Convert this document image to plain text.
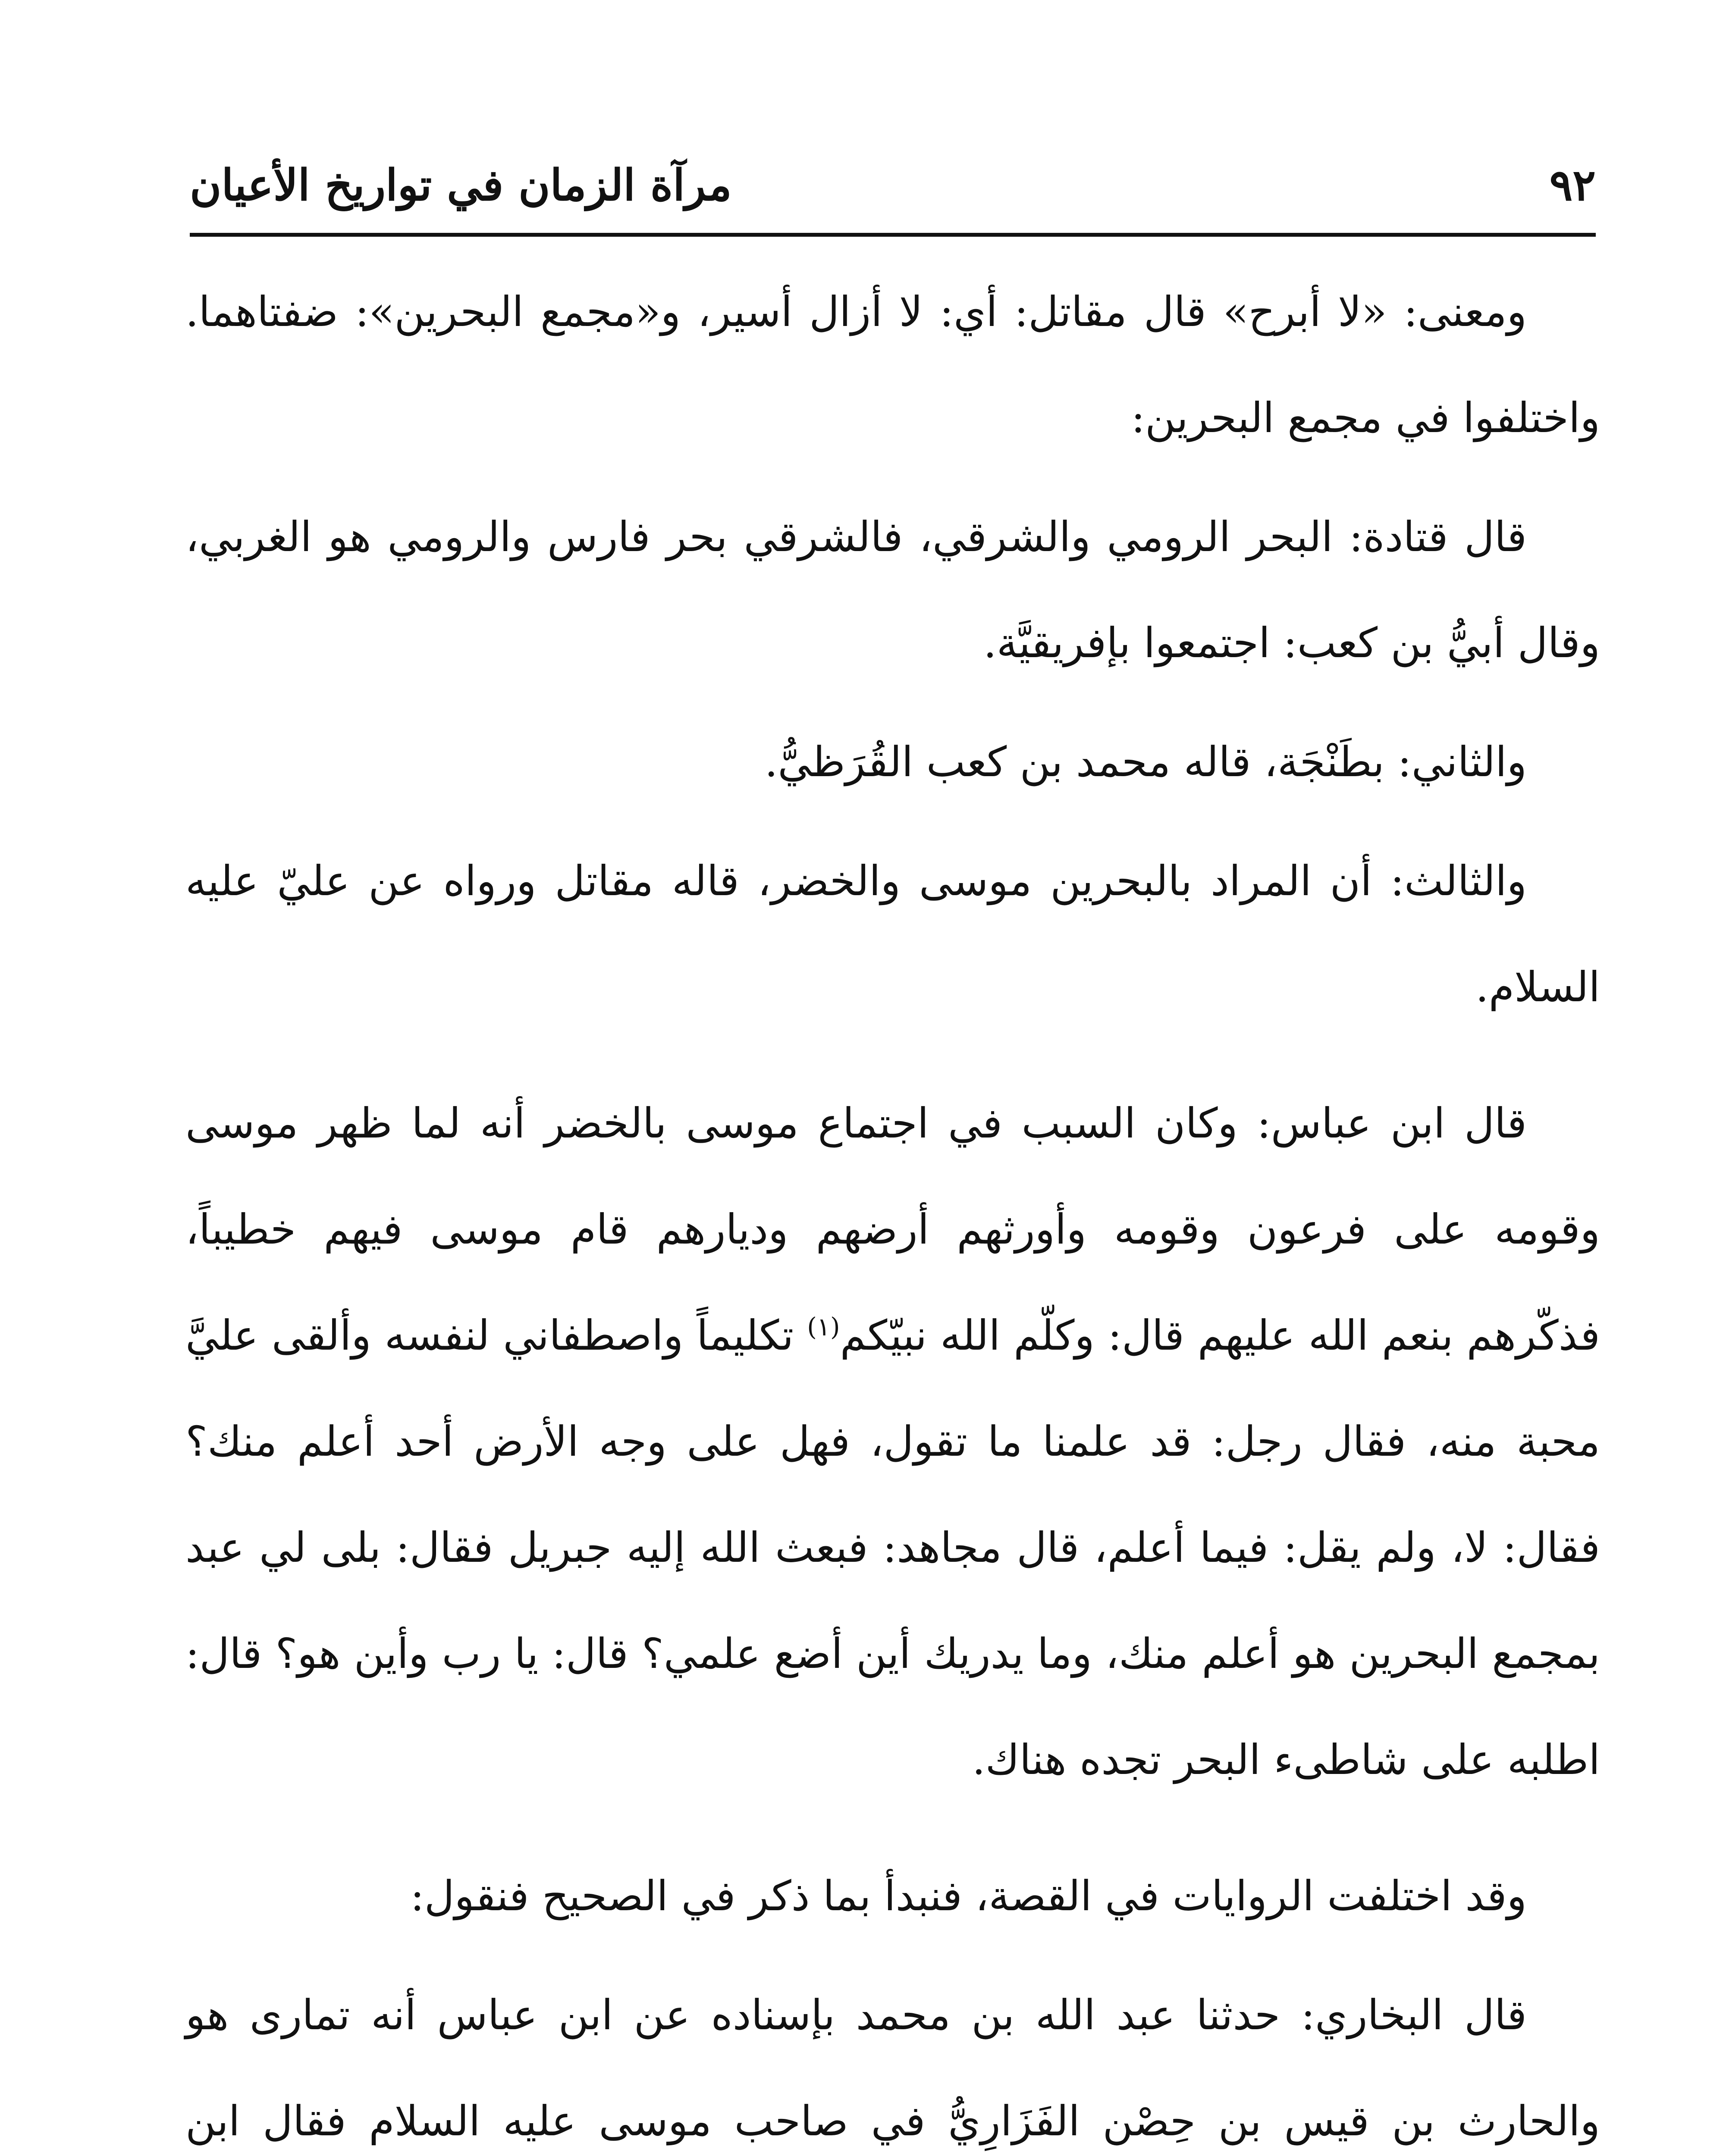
٩٢
مرآة الزمان في تواريخ الأعيان

ومعنى: «لا أبرح» قال مقاتل: أي: لا أزال أسير، و«مجمع البحرين»: ضفتاهما. واختلفوا في مجمع البحرين:

قال قتادة: البحر الرومي والشرقي، فالشرقي بحر فارس والرومي هو الغربي، وقال أبيُّ بن كعب: اجتمعوا بإفريقيَّة.

والثاني: بطَنْجَة، قاله محمد بن كعب القُرَظيُّ.

والثالث: أن المراد بالبحرين موسى والخضر، قاله مقاتل ورواه عن عليّ عليه السلام.

قال ابن عباس: وكان السبب في اجتماع موسى بالخضر أنه لما ظهر موسى وقومه على فرعون وقومه وأورثهم أرضهم وديارهم قام موسى فيهم خطيباً، فذكّرهم بنعم الله عليهم قال: وكلّم الله نبيّكم$^{(١)}$ تكليماً واصطفاني لنفسه وألقى عليَّ محبة منه، فقال رجل: قد علمنا ما تقول، فهل على وجه الأرض أحد أعلم منك؟ فقال: لا، ولم يقل: فيما أعلم، قال مجاهد: فبعث الله إليه جبريل فقال: بلى لي عبد بمجمع البحرين هو أعلم منك، وما يدريك أين أضع علمي؟ قال: يا رب وأين هو؟ قال: اطلبه على شاطىء البحر تجده هناك.

وقد اختلفت الروايات في القصة، فنبدأ بما ذكر في الصحيح فنقول:

قال البخاري: حدثنا عبد الله بن محمد بإسناده عن ابن عباس أنه تمارى هو والحارث بن قيس بن حِصْن الفَزَارِيُّ في صاحب موسى عليه السلام فقال ابن
